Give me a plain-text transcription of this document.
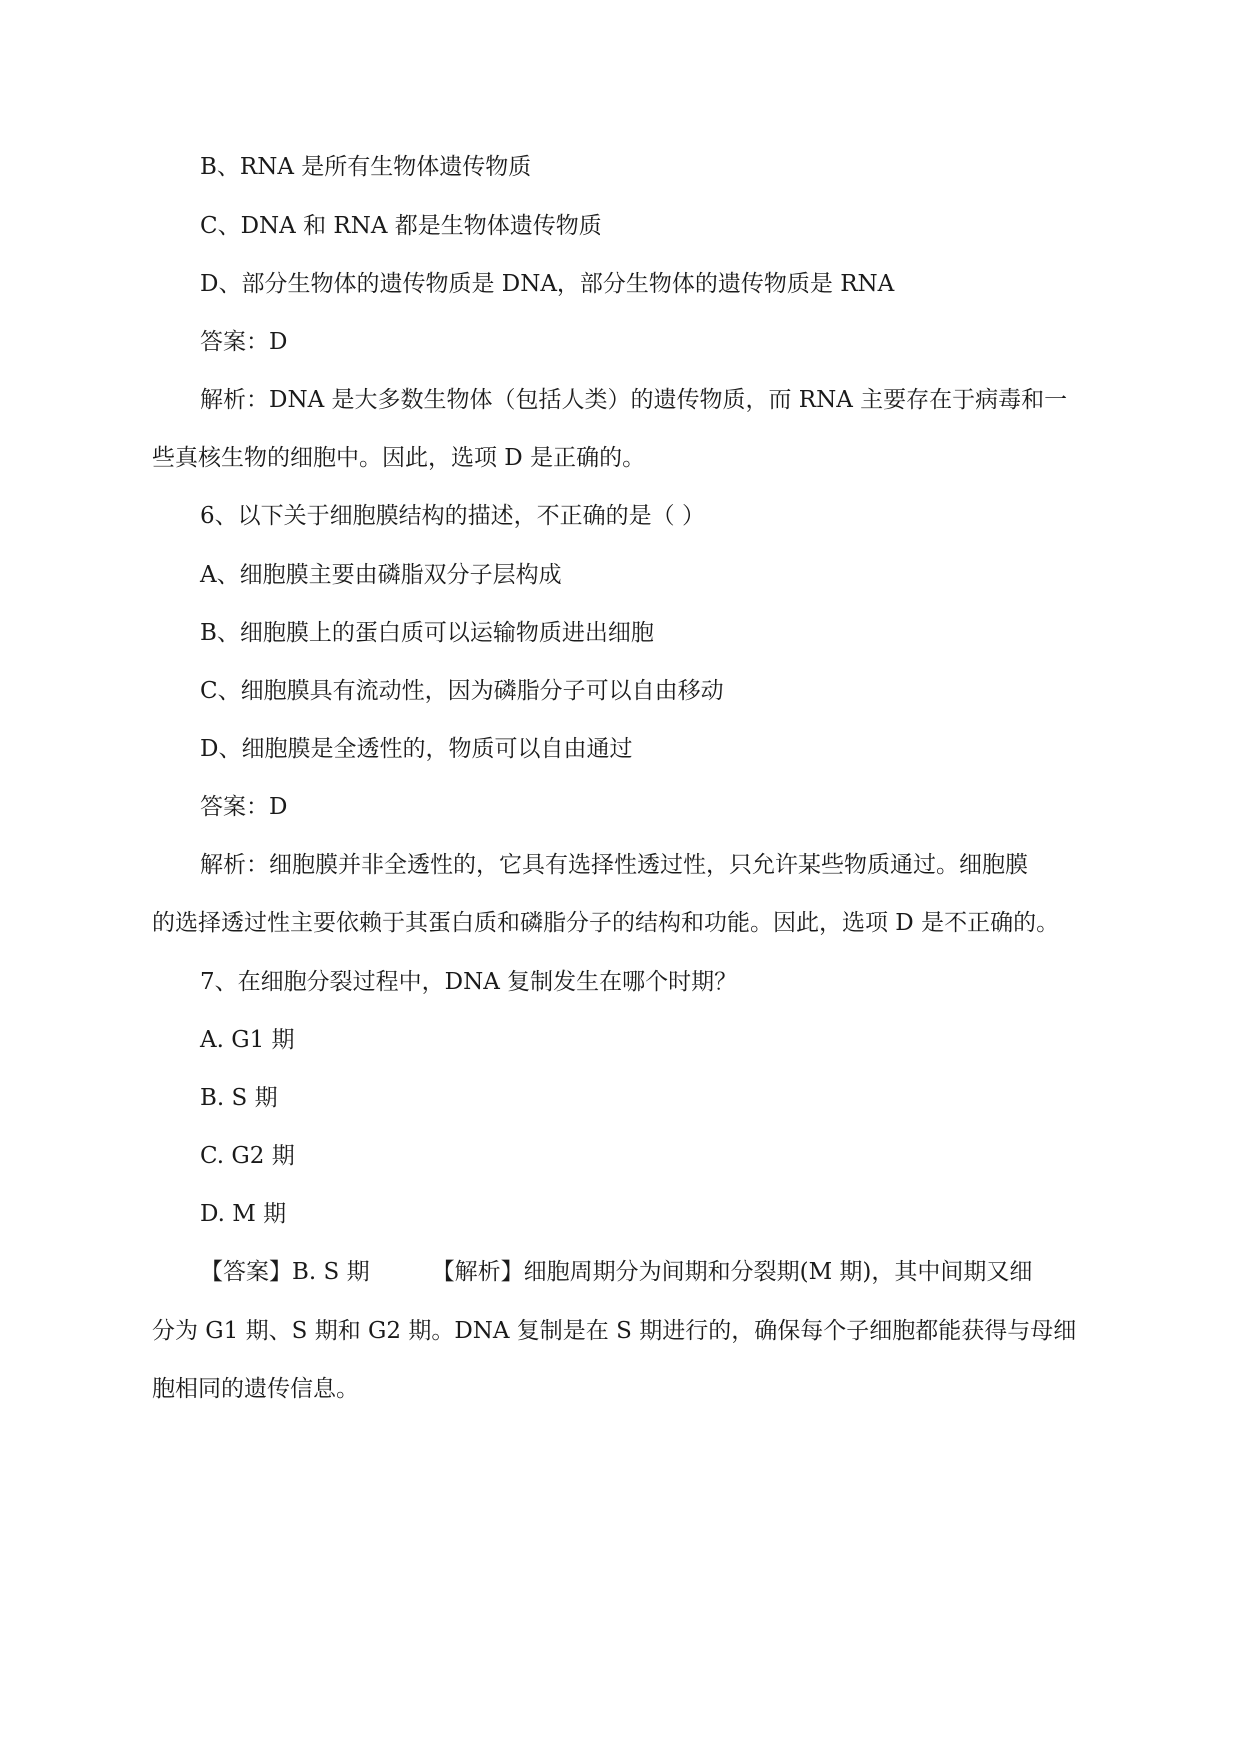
B、RNA 是所有生物体遗传物质
C、DNA 和 RNA 都是生物体遗传物质
D、部分生物体的遗传物质是 DNA，部分生物体的遗传物质是 RNA
答案：D
解析：DNA 是大多数生物体（包括人类）的遗传物质，而 RNA 主要存在于病毒和一
些真核生物的细胞中。因此，选项 D 是正确的。
6、以下关于细胞膜结构的描述，不正确的是（ ）
A、细胞膜主要由磷脂双分子层构成
B、细胞膜上的蛋白质可以运输物质进出细胞
C、细胞膜具有流动性，因为磷脂分子可以自由移动
D、细胞膜是全透性的，物质可以自由通过
答案：D
解析：细胞膜并非全透性的，它具有选择性透过性，只允许某些物质通过。细胞膜
的选择透过性主要依赖于其蛋白质和磷脂分子的结构和功能。因此，选项 D 是不正确的。
7、在细胞分裂过程中，DNA 复制发生在哪个时期？
A. G1 期
B. S 期
C. G2 期
D. M 期
【答案】B. S 期	【解析】细胞周期分为间期和分裂期(M 期)，其中间期又细
分为 G1 期、S 期和 G2 期。DNA 复制是在 S 期进行的，确保每个子细胞都能获得与母细
胞相同的遗传信息。
